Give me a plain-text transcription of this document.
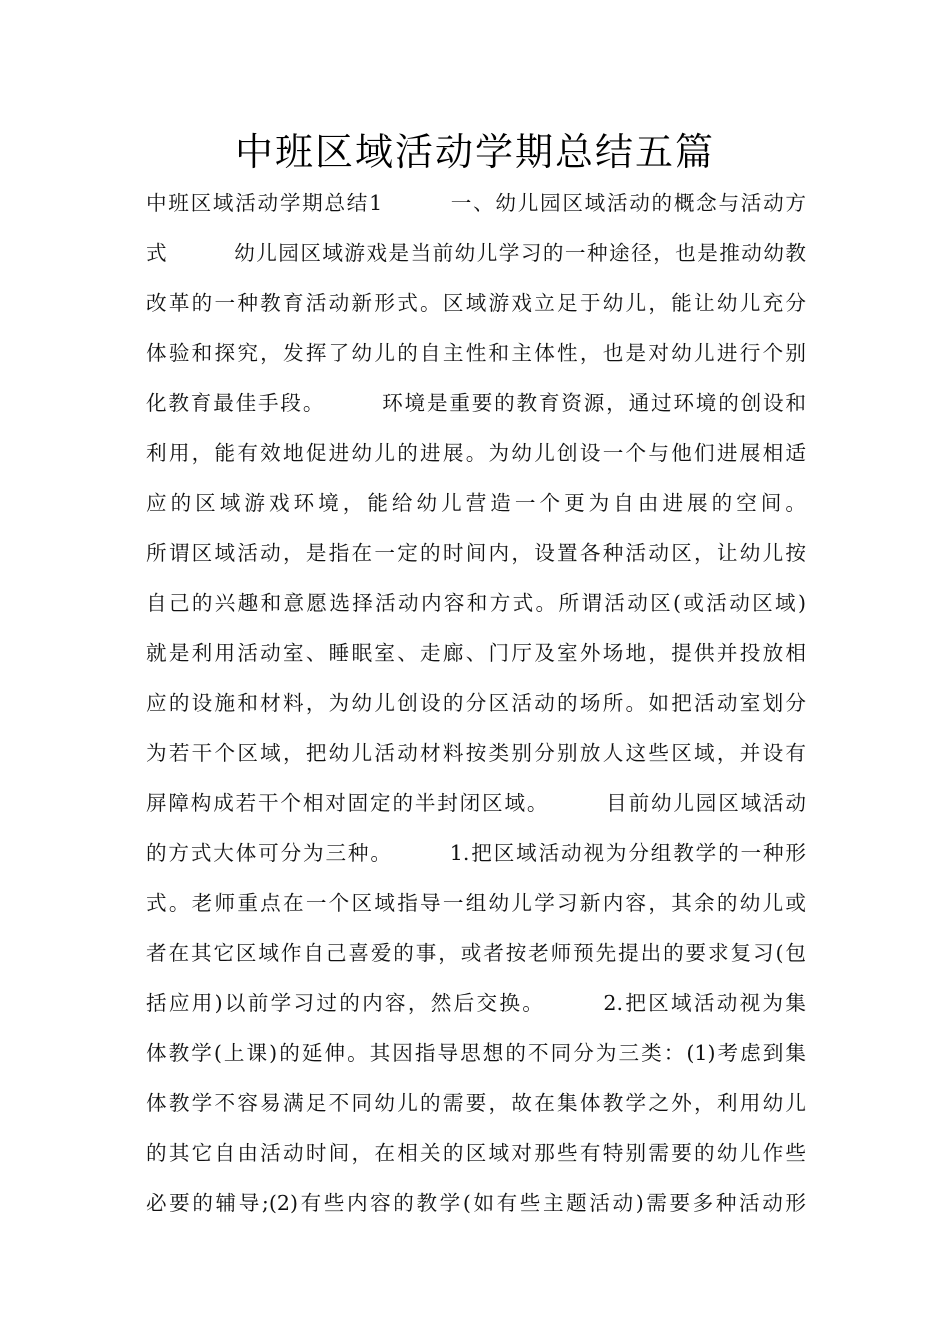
中班区域活动学期总结五篇
中班区域活动学期总结1　　　一、幼儿园区域活动的概念与活动方
式　　　幼儿园区域游戏是当前幼儿学习的一种途径，也是推动幼教
改革的一种教育活动新形式。区域游戏立足于幼儿，能让幼儿充分
体验和探究，发挥了幼儿的自主性和主体性，也是对幼儿进行个别
化教育最佳手段。　　　环境是重要的教育资源，通过环境的创设和
利用，能有效地促进幼儿的进展。为幼儿创设一个与他们进展相适
应的区域游戏环境，能给幼儿营造一个更为自由进展的空间。
所谓区域活动，是指在一定的时间内，设置各种活动区，让幼儿按
自己的兴趣和意愿选择活动内容和方式。所谓活动区(或活动区域)
就是利用活动室、睡眠室、走廊、门厅及室外场地，提供并投放相
应的设施和材料，为幼儿创设的分区活动的场所。如把活动室划分
为若干个区域，把幼儿活动材料按类别分别放人这些区域，并设有
屏障构成若干个相对固定的半封闭区域。　　　目前幼儿园区域活动
的方式大体可分为三种。　　　1.把区域活动视为分组教学的一种形
式。老师重点在一个区域指导一组幼儿学习新内容，其余的幼儿或
者在其它区域作自己喜爱的事，或者按老师预先提出的要求复习(包
括应用)以前学习过的内容，然后交换。　　　2.把区域活动视为集
体教学(上课)的延伸。其因指导思想的不同分为三类：(1)考虑到集
体教学不容易满足不同幼儿的需要，故在集体教学之外，利用幼儿
的其它自由活动时间，在相关的区域对那些有特别需要的幼儿作些
必要的辅导;(2)有些内容的教学(如有些主题活动)需要多种活动形
